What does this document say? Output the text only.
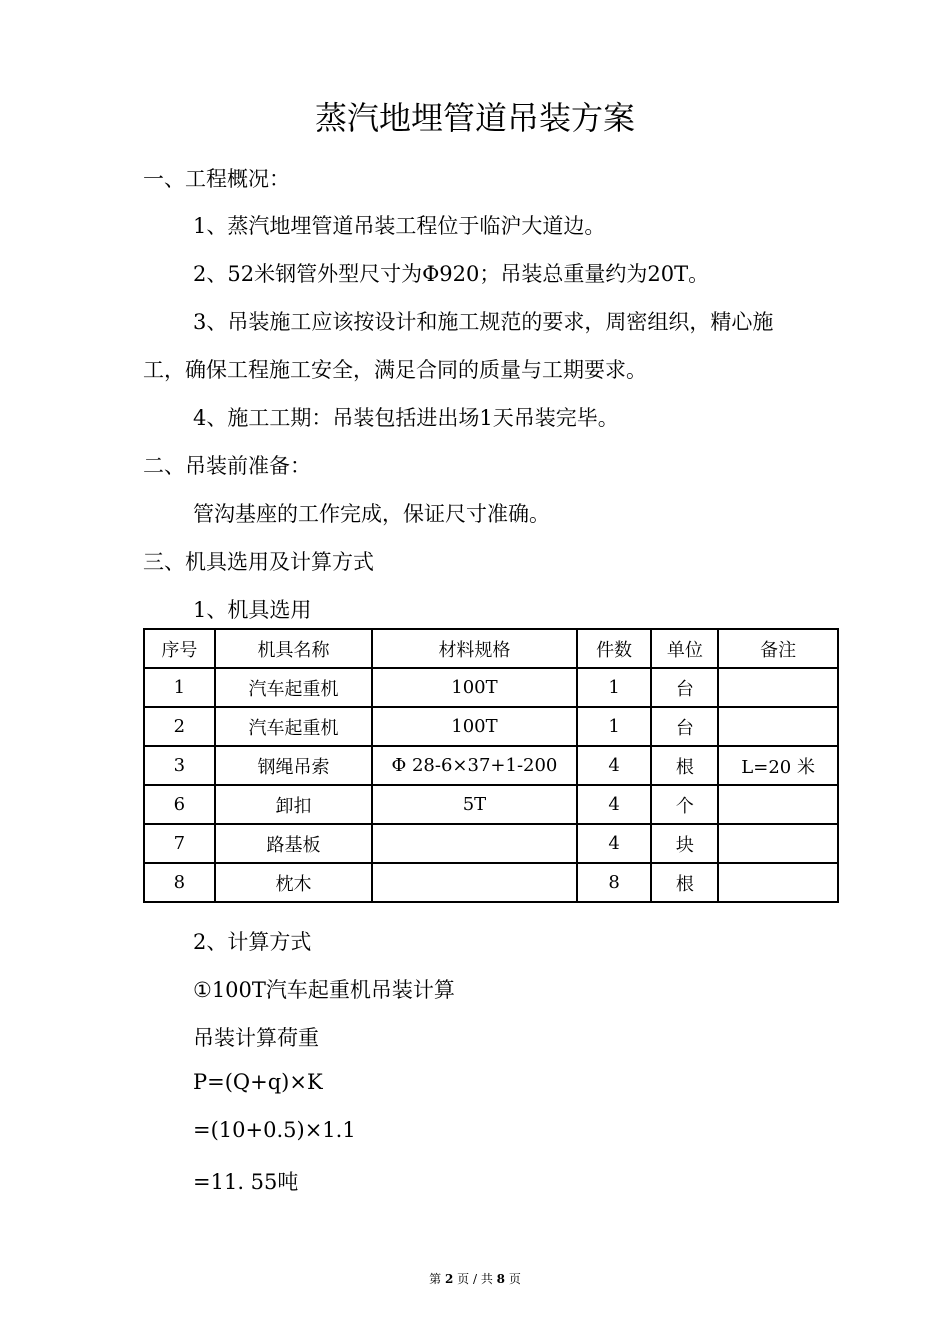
蒸汽地埋管道吊装方案
一、工程概况：
1、蒸汽地埋管道吊装工程位于临沪大道边。
2、52米钢管外型尺寸为Φ920；吊装总重量约为20T。
3、吊装施工应该按设计和施工规范的要求，周密组织，精心施
工，确保工程施工安全，满足合同的质量与工期要求。
4、施工工期：吊装包括进出场1天吊装完毕。
二、吊装前准备：
管沟基座的工作完成，保证尺寸准确。
三、机具选用及计算方式
1、机具选用
序号	机具名称	材料规格	件数	单位	备注
1	汽车起重机	100T	1	台	
2	汽车起重机	100T	1	台	
3	钢绳吊索	Φ 28-6×37+1-200	4	根	L=20 米
6	卸扣	5T	4	个	
7	路基板		4	块	
8	枕木		8	根	
2、计算方式
①100T汽车起重机吊装计算
吊装计算荷重
P=(Q+q)×K
=(10+0.5)×1.1
=11. 55吨
第 2 页 / 共 8 页
